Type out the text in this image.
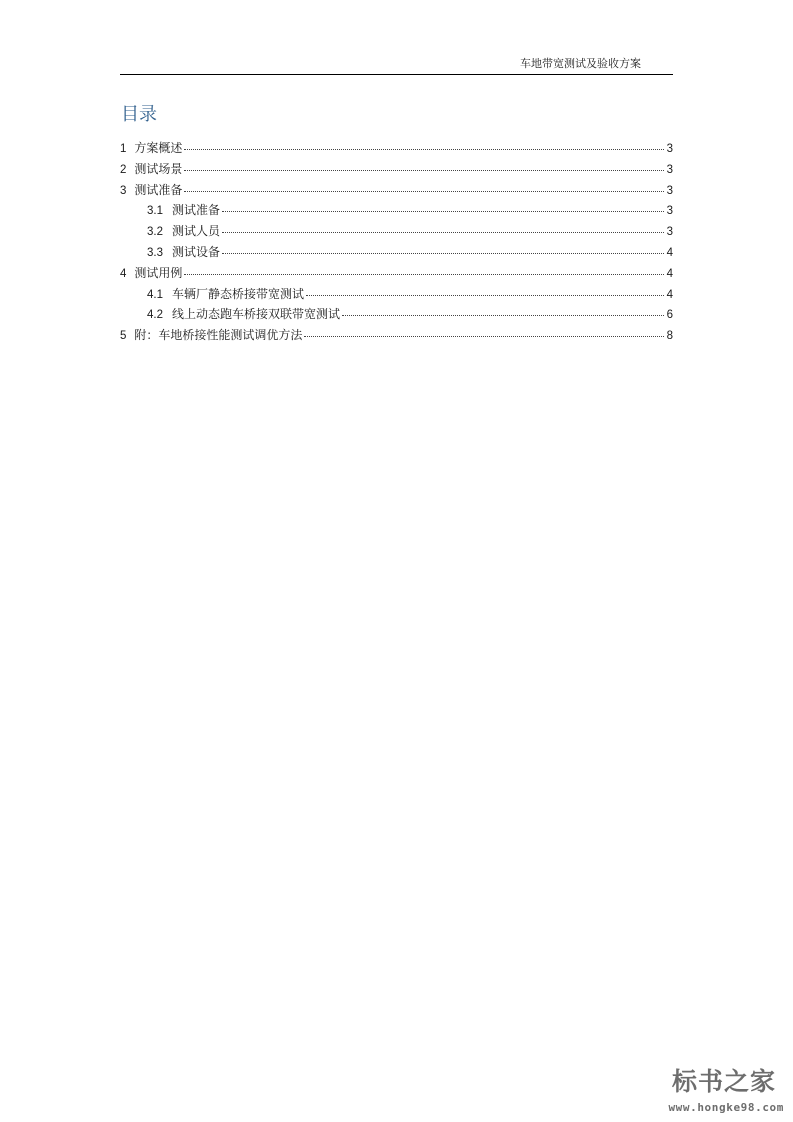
车地带宽测试及验收方案
目录
1 方案概述	3
2 测试场景	3
3 测试准备	3
3.1 测试准备	3
3.2 测试人员	3
3.3 测试设备	4
4 测试用例	4
4.1 车辆厂静态桥接带宽测试	4
4.2 线上动态跑车桥接双联带宽测试	6
5 附：车地桥接性能测试调优方法	8
标书之家
www.hongke98.com
